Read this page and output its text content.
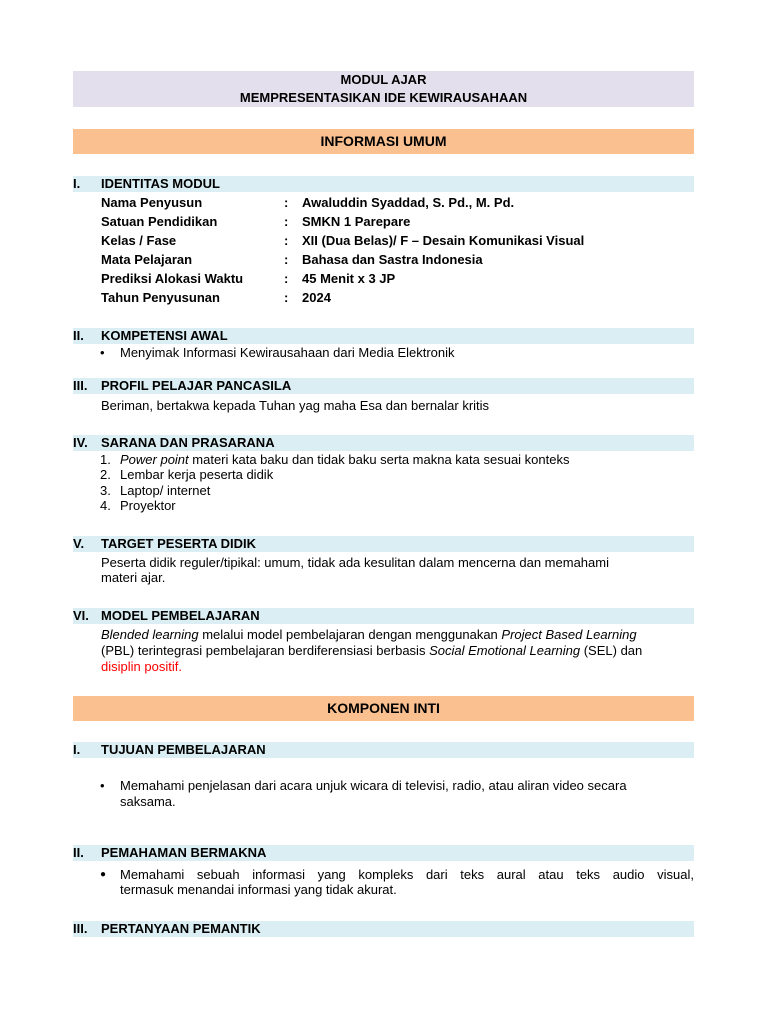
MODUL AJAR
MEMPRESENTASIKAN IDE KEWIRAUSAHAAN
INFORMASI UMUM
I. IDENTITAS MODUL
Nama Penyusun	: Awaluddin Syaddad, S. Pd., M. Pd.
Satuan Pendidikan	: SMKN 1 Parepare
Kelas / Fase	: XII (Dua Belas)/ F – Desain Komunikasi Visual
Mata Pelajaran	: Bahasa dan Sastra Indonesia
Prediksi Alokasi Waktu	: 45 Menit x 3 JP
Tahun Penyusunan	: 2024
II. KOMPETENSI AWAL
• Menyimak Informasi Kewirausahaan dari Media Elektronik
III. PROFIL PELAJAR PANCASILA
Beriman, bertakwa kepada Tuhan yag maha Esa dan bernalar kritis
IV. SARANA DAN PRASARANA
1. Power point materi kata baku dan tidak baku serta makna kata sesuai konteks
2. Lembar kerja peserta didik
3. Laptop/ internet
4. Proyektor
V. TARGET PESERTA DIDIK
Peserta didik reguler/tipikal: umum, tidak ada kesulitan dalam mencerna dan memahami
materi ajar.
VI. MODEL PEMBELAJARAN
Blended learning melalui model pembelajaran dengan menggunakan Project Based Learning
(PBL) terintegrasi pembelajaran berdiferensiasi berbasis Social Emotional Learning (SEL) dan
disiplin positif.
KOMPONEN INTI
I. TUJUAN PEMBELAJARAN
• Memahami penjelasan dari acara unjuk wicara di televisi, radio, atau aliran video secara
saksama.
II. PEMAHAMAN BERMAKNA
● Memahami sebuah informasi yang kompleks dari teks aural atau teks audio visual,
termasuk menandai informasi yang tidak akurat.
III. PERTANYAAN PEMANTIK
